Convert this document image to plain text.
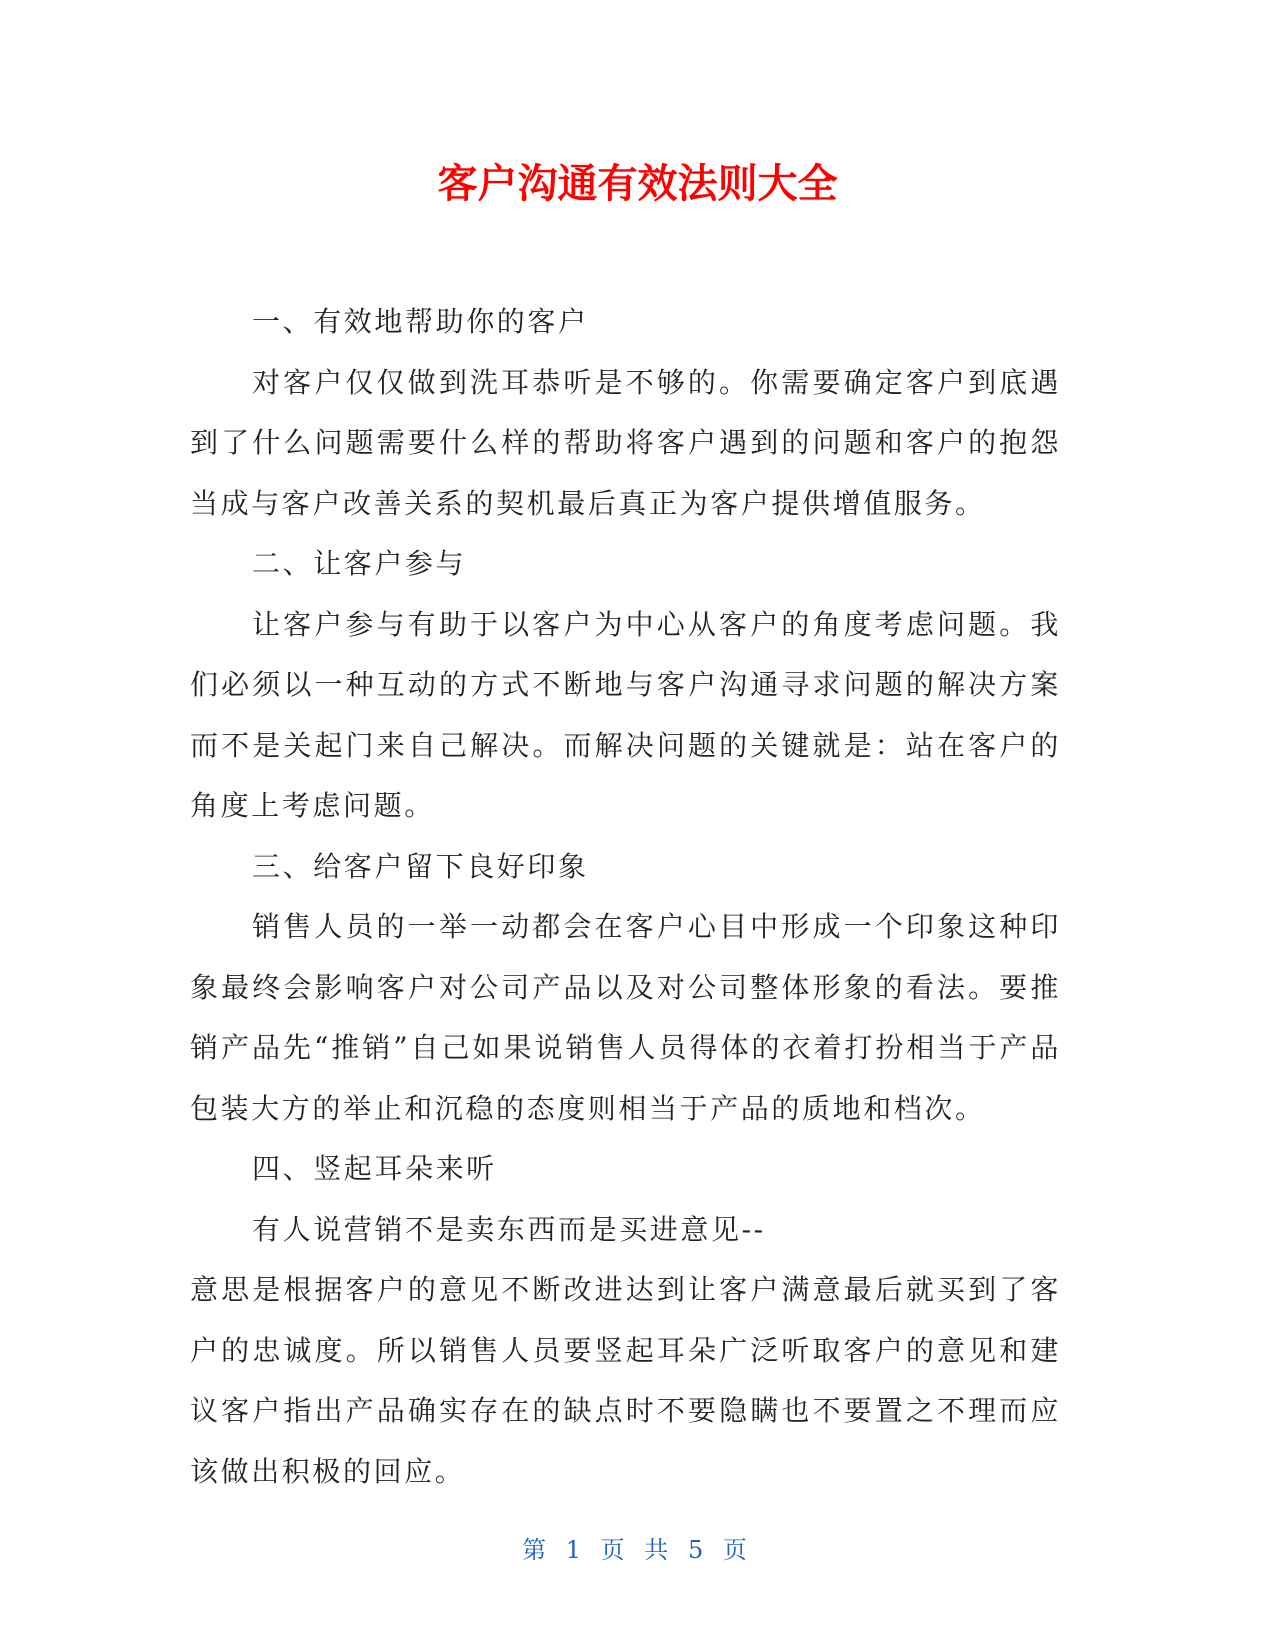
客户沟通有效法则大全

一、有效地帮助你的客户

对客户仅仅做到洗耳恭听是不够的。你需要确定客户到底遇到了什么问题需要什么样的帮助将客户遇到的问题和客户的抱怨当成与客户改善关系的契机最后真正为客户提供增值服务。

二、让客户参与

让客户参与有助于以客户为中心从客户的角度考虑问题。我们必须以一种互动的方式不断地与客户沟通寻求问题的解决方案而不是关起门来自己解决。而解决问题的关键就是：站在客户的角度上考虑问题。

三、给客户留下良好印象

销售人员的一举一动都会在客户心目中形成一个印象这种印象最终会影响客户对公司产品以及对公司整体形象的看法。要推销产品先“推销”自己如果说销售人员得体的衣着打扮相当于产品包装大方的举止和沉稳的态度则相当于产品的质地和档次。

四、竖起耳朵来听

有人说营销不是卖东西而是买进意见--

意思是根据客户的意见不断改进达到让客户满意最后就买到了客户的忠诚度。所以销售人员要竖起耳朵广泛听取客户的意见和建议客户指出产品确实存在的缺点时不要隐瞒也不要置之不理而应该做出积极的回应。

第 1 页 共 5 页
